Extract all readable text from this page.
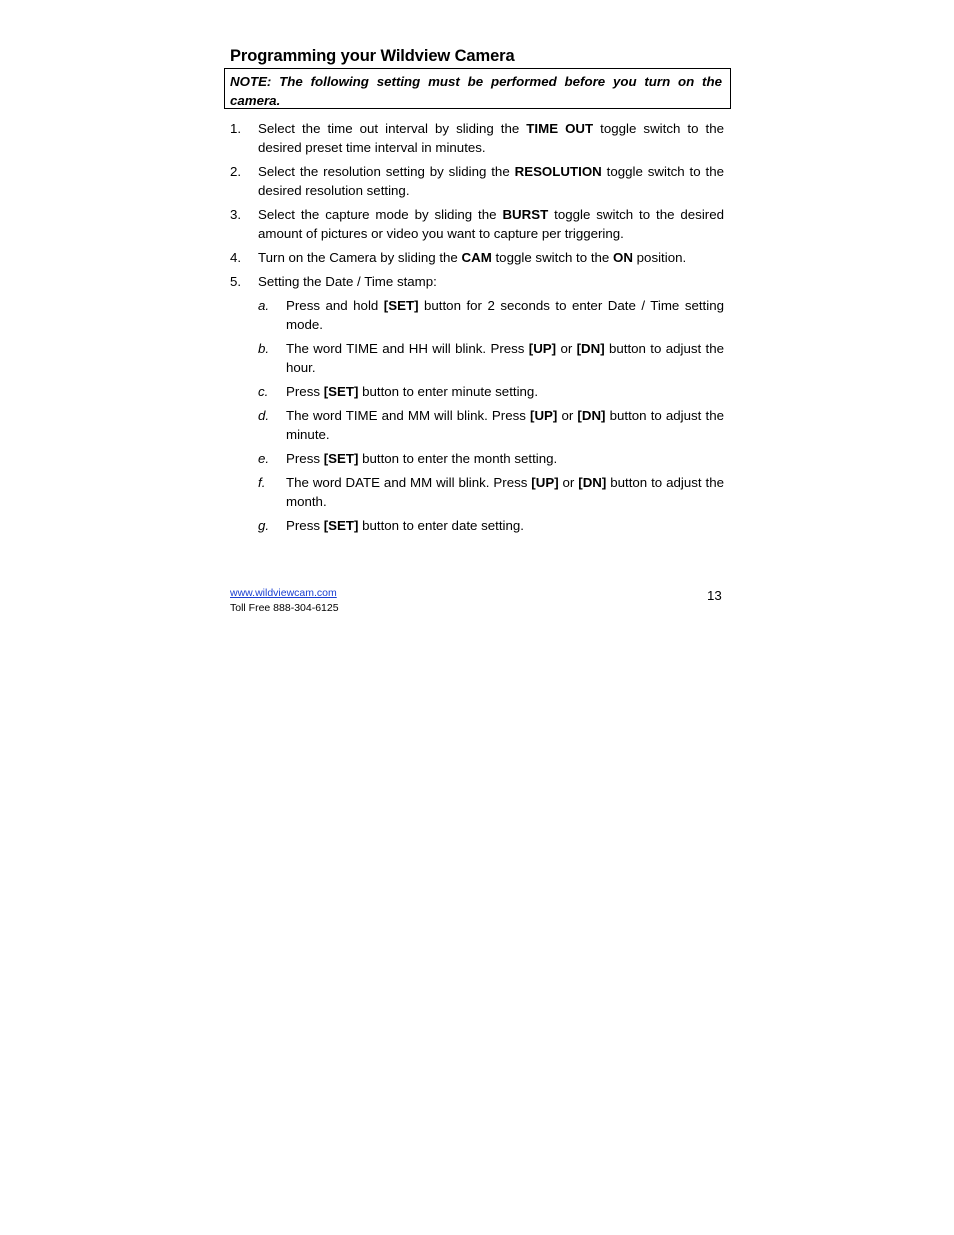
Programming your Wildview Camera
NOTE: The following setting must be performed before you turn on the camera.
1. Select the time out interval by sliding the TIME OUT toggle switch to the desired preset time interval in minutes.
2. Select the resolution setting by sliding the RESOLUTION toggle switch to the desired resolution setting.
3. Select the capture mode by sliding the BURST toggle switch to the desired amount of pictures or video you want to capture per triggering.
4. Turn on the Camera by sliding the CAM toggle switch to the ON position.
5. Setting the Date / Time stamp:
a. Press and hold [SET] button for 2 seconds to enter Date / Time setting mode.
b. The word TIME and HH will blink. Press [UP] or [DN] button to adjust the hour.
c. Press [SET] button to enter minute setting.
d. The word TIME and MM will blink. Press [UP] or [DN] button to adjust the minute.
e. Press [SET] button to enter the month setting.
f. The word DATE and MM will blink. Press [UP] or [DN] button to adjust the month.
g. Press [SET] button to enter date setting.
www.wildviewcam.com
Toll Free 888-304-6125
13
